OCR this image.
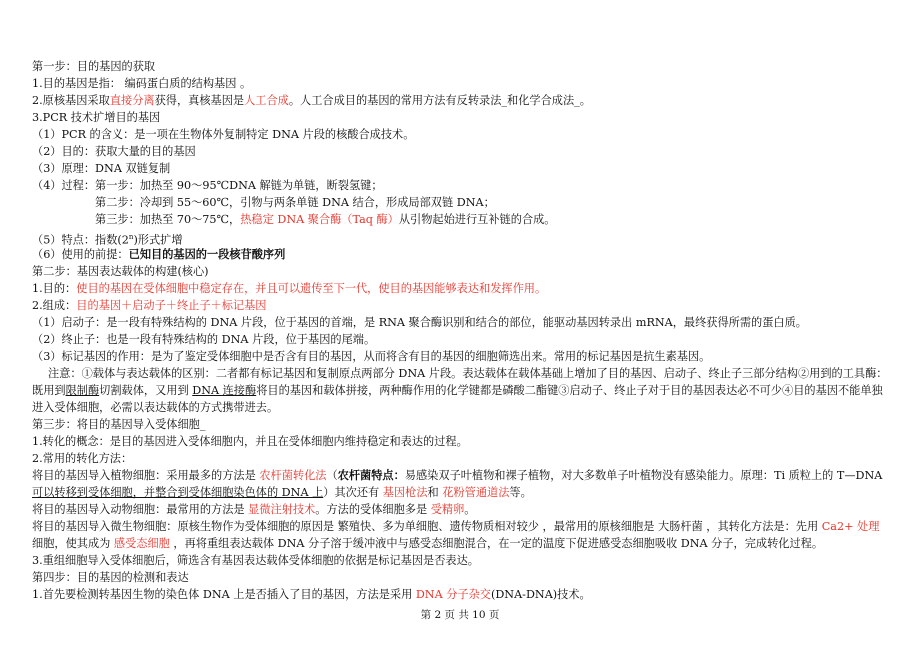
第一步：目的基因的获取
1.目的基因是指： 编码蛋白质的结构基因 。
2.原核基因采取直接分离获得，真核基因是人工合成。人工合成目的基因的常用方法有反转录法_和化学合成法_。
3.PCR 技术扩增目的基因
（1）PCR 的含义：是一项在生物体外复制特定 DNA 片段的核酸合成技术。
（2）目的：获取大量的目的基因
（3）原理：DNA 双链复制
（4）过程：第一步：加热至 90～95℃DNA 解链为单链，断裂氢键；
第二步：冷却到 55～60℃，引物与两条单链 DNA 结合，形成局部双链 DNA；
第三步：加热至 70～75℃，热稳定 DNA 聚合酶（Taq 酶）从引物起始进行互补链的合成。
（5）特点：指数(2$^n$)形式扩增
（6）使用的前提：已知目的基因的一段核苷酸序列
第二步：基因表达载体的构建(核心)
1.目的：使目的基因在受体细胞中稳定存在，并且可以遗传至下一代，使目的基因能够表达和发挥作用。
2.组成：目的基因＋启动子＋终止子＋标记基因
（1）启动子：是一段有特殊结构的 DNA 片段，位于基因的首端，是 RNA 聚合酶识别和结合的部位，能驱动基因转录出 mRNA，最终获得所需的蛋白质。
（2）终止子：也是一段有特殊结构的 DNA 片段，位于基因的尾端。
（3）标记基因的作用：是为了鉴定受体细胞中是否含有目的基因，从而将含有目的基因的细胞筛选出来。常用的标记基因是抗生素基因。
注意：①载体与表达载体的区别：二者都有标记基因和复制原点两部分 DNA 片段。表达载体在载体基础上增加了目的基因、启动子、终止子三部分结构②用到的工具酶：
既用到限制酶切割载体，又用到 DNA 连接酶将目的基因和载体拼接，两种酶作用的化学键都是磷酸二酯键③启动子、终止子对于目的基因表达必不可少④目的基因不能单独
进入受体细胞，必需以表达载体的方式携带进去。
第三步：将目的基因导入受体细胞_
1.转化的概念：是目的基因进入受体细胞内，并且在受体细胞内维持稳定和表达的过程。
2.常用的转化方法：
将目的基因导入植物细胞：采用最多的方法是 农杆菌转化法（农杆菌特点：易感染双子叶植物和裸子植物，对大多数单子叶植物没有感染能力。原理：Ti 质粒上的 T—DNA
可以转移到受体细胞，并整合到受体细胞染色体的 DNA 上）其次还有 基因枪法和 花粉管通道法等。
将目的基因导入动物细胞：最常用的方法是 显微注射技术。方法的受体细胞多是 受精卵。
将目的基因导入微生物细胞：原核生物作为受体细胞的原因是 繁殖快、多为单细胞、遗传物质相对较少 ，最常用的原核细胞是 大肠杆菌 ，其转化方法是：先用 Ca2+ 处理
细胞，使其成为 感受态细胞 ，再将重组表达载体 DNA 分子溶于缓冲液中与感受态细胞混合，在一定的温度下促进感受态细胞吸收 DNA 分子，完成转化过程。
3.重组细胞导入受体细胞后，筛选含有基因表达载体受体细胞的依据是标记基因是否表达。
第四步：目的基因的检测和表达
1.首先要检测转基因生物的染色体 DNA 上是否插入了目的基因，方法是采用 DNA 分子杂交(DNA-DNA)技术。
第 2 页 共 10 页
